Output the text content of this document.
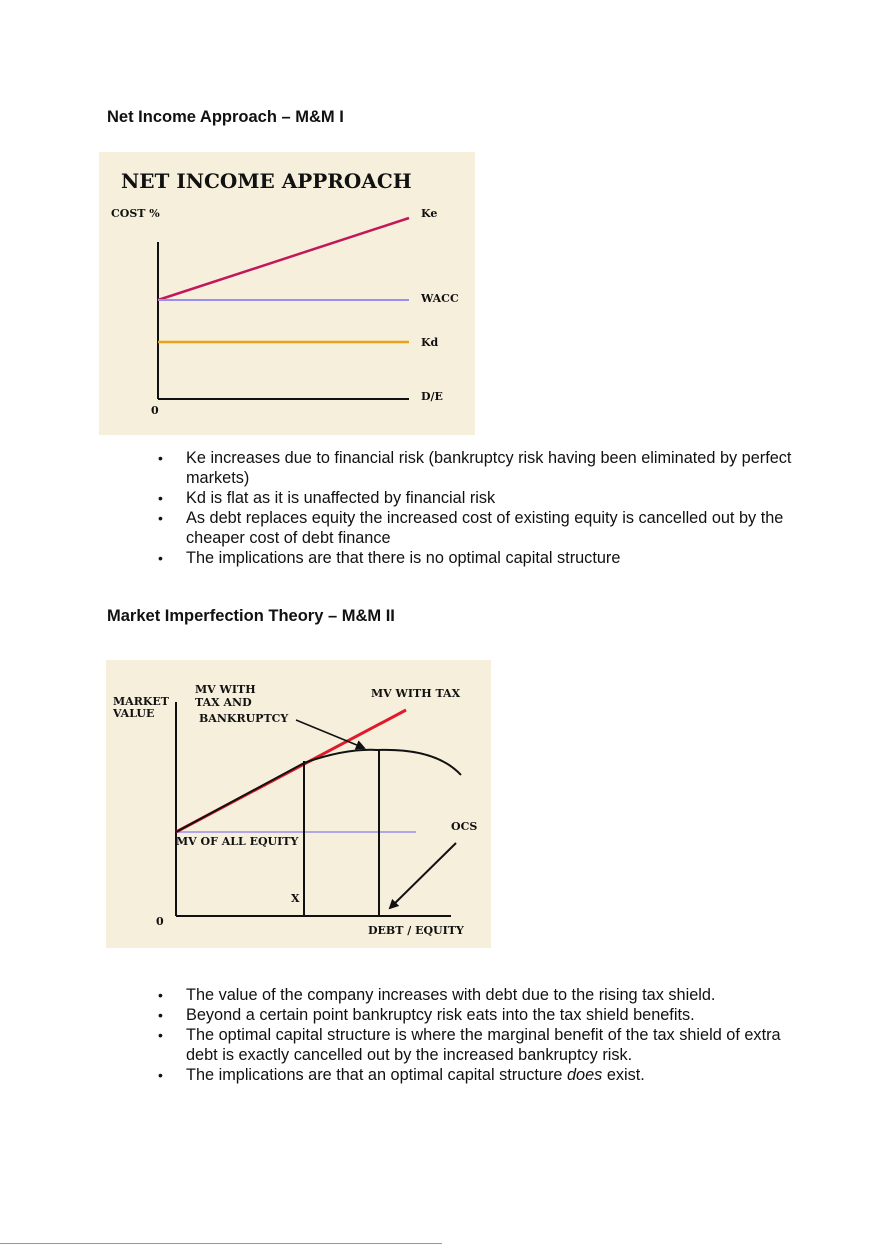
Net Income Approach – M&M I
NET INCOME APPROACH
COST %	Ke
WACC
Kd
D/E
0
• Ke increases due to financial risk (bankruptcy risk having been eliminated by perfect markets)
• Kd is flat as it is unaffected by financial risk
• As debt replaces equity the increased cost of existing equity is cancelled out by the cheaper cost of debt finance
• The implications are that there is no optimal capital structure
Market Imperfection Theory – M&M II
MARKET
VALUE
MV WITH
TAX AND
BANKRUPTCY
MV WITH TAX
MV OF ALL EQUITY
OCS
X
0
DEBT / EQUITY
• The value of the company increases with debt due to the rising tax shield.
• Beyond a certain point bankruptcy risk eats into the tax shield benefits.
• The optimal capital structure is where the marginal benefit of the tax shield of extra debt is exactly cancelled out by the increased bankruptcy risk.
• The implications are that an optimal capital structure does exist.
